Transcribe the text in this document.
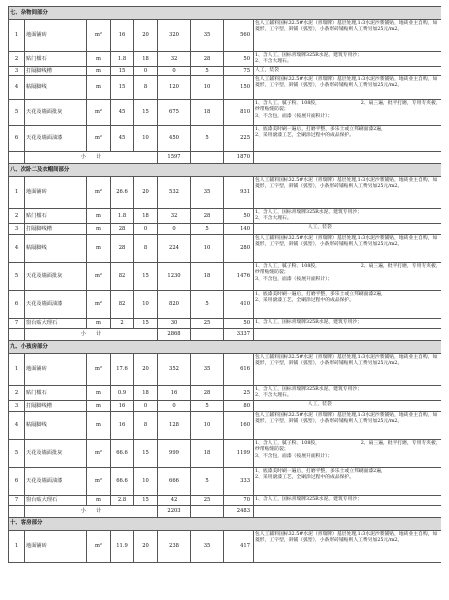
七、杂物间部分								
1	地面铺砖	m²	16	20	320	35	560	包人工辅料国标32.5#水泥（青瑞牌）基层处理,1:3水泥沙浆铺贴，地砖业主自购，如菱形，工字型，斜铺（弧型），小条形砖铺贴则人工费另加25元/m2。
2	贴门槛石	m	1.8	18	32	28	50	1、含人工，国标青瑞牌325R水泥、建筑专用沙；
2、不含大理石。
3	打隔脚线槽	m	15	0	0	5	75	人工，装袋
4	粘隔脚线	m	15	8	120	10	150	包人工辅料国标32.5#水泥（青瑞牌）基层处理,1:3水泥沙浆铺贴，地砖业主自购，如菱形，工字型，斜铺（弧型），小条形砖铺贴则人工费另加25元/m2。
5	天花及墙面批灰	m²	45	15	675	18	810	1、含人工，腻子粉、108胶，　　　　　　　　　2、扇三遍，批平打磨，专用专夹板,纱带贴缝防裂；
3、不含包，面漆（按展开面积计）；
6	天花及墙面油漆	m²	45	10	450	5	225	1、底漆美时刷一遍后，打磨平整，多乐士或立邦刷面漆2遍，
2、采用滚漆工艺，全刷涂过程中的成品保护。
	小　　计				1597		1870	
八、次卧二及衣帽间部分								
1	地面铺砖	m²	26.6	20	532	35	931	包人工辅料国标32.5#水泥（青瑞牌）基层处理,1:3水泥沙浆铺贴，地砖业主自购，如菱形，工字型，斜铺（弧型），小条形砖铺贴则人工费另加25元/m2。
2	贴门槛石	m	1.8	18	32	28	50	1、含人工，国标青瑞牌325R水泥、建筑专用沙；
2、不含大理石。
3	打隔脚线槽	m	28	0	0	5	140	　　　　　　　　　　　人工，装袋
4	粘隔脚线	m	28	8	224	10	280	包人工辅料国标32.5#水泥（青瑞牌）基层处理,1:3水泥沙浆铺贴，地砖业主自购，如菱形，工字型，斜铺（弧型），小条形砖铺贴则人工费另加25元/m2。
5	天花及墙面批灰	m²	82	15	1230	18	1476	1、含人工，腻子粉、108胶，　　　　　　　　　2、扇三遍，批平打磨，专用专夹板,纱带贴缝防裂；
3、不含包，面漆（按展开面积计）；
6	天花及墙面油漆	m²	82	10	820	5	410	1、底漆美时刷一遍后，打磨平整，多乐士或立邦刷面漆2遍，
2、采用滚漆工艺，全刷涂过程中的成品保护。
7	窗台贴大理石	m	2	15	30	25	50	1、含人工，国标青瑞牌325R水泥、建筑专用沙；
	小　　计				2868		3337	
九、小孩房部分								
1	地面铺砖	m²	17.6	20	352	35	616	包人工辅料国标32.5#水泥（青瑞牌）基层处理,1:3水泥沙浆铺贴，地砖业主自购，如菱形，工字型，斜铺（弧型），小条形砖铺贴则人工费另加25元/m2。
2	贴门槛石	m	0.9	18	16	28	25	1、含人工，国标青瑞牌325R水泥、建筑专用沙；
2、不含大理石。
3	打隔脚线槽	m	16	0	0	5	80	　　　　　　　　　　　人工，装袋
4	粘隔脚线	m	16	8	128	10	160	包人工辅料国标32.5#水泥（青瑞牌）基层处理,1:3水泥沙浆铺贴，地砖业主自购，如菱形，工字型，斜铺（弧型），小条形砖铺贴则人工费另加25元/m2。
5	天花及墙面批灰	m²	66.6	15	999	18	1199	1、含人工，腻子粉、108胶，　　　　　　　　　2、扇三遍，批平打磨，专用专夹板,纱带贴缝防裂；
3、不含包，面漆（按展开面积计）；
6	天花及墙面油漆	m²	66.6	10	666	5	333	1、底漆美时刷一遍后，打磨平整，多乐士或立邦刷面漆2遍，
2、采用滚漆工艺，全刷涂过程中的成品保护。
7	窗台贴大理石	m	2.8	15	42	25	70	1、含人工，国标青瑞牌325R水泥、建筑专用沙；
	小　　计				2203		2483	
十、客房部分								
1	地面铺砖	m²	11.9	20	238	35	417	包人工辅料国标32.5#水泥（青瑞牌）基层处理,1:3水泥沙浆铺贴，地砖业主自购，如菱形，工字型，斜铺（弧型），小条形砖铺贴则人工费另加25元/m2。
